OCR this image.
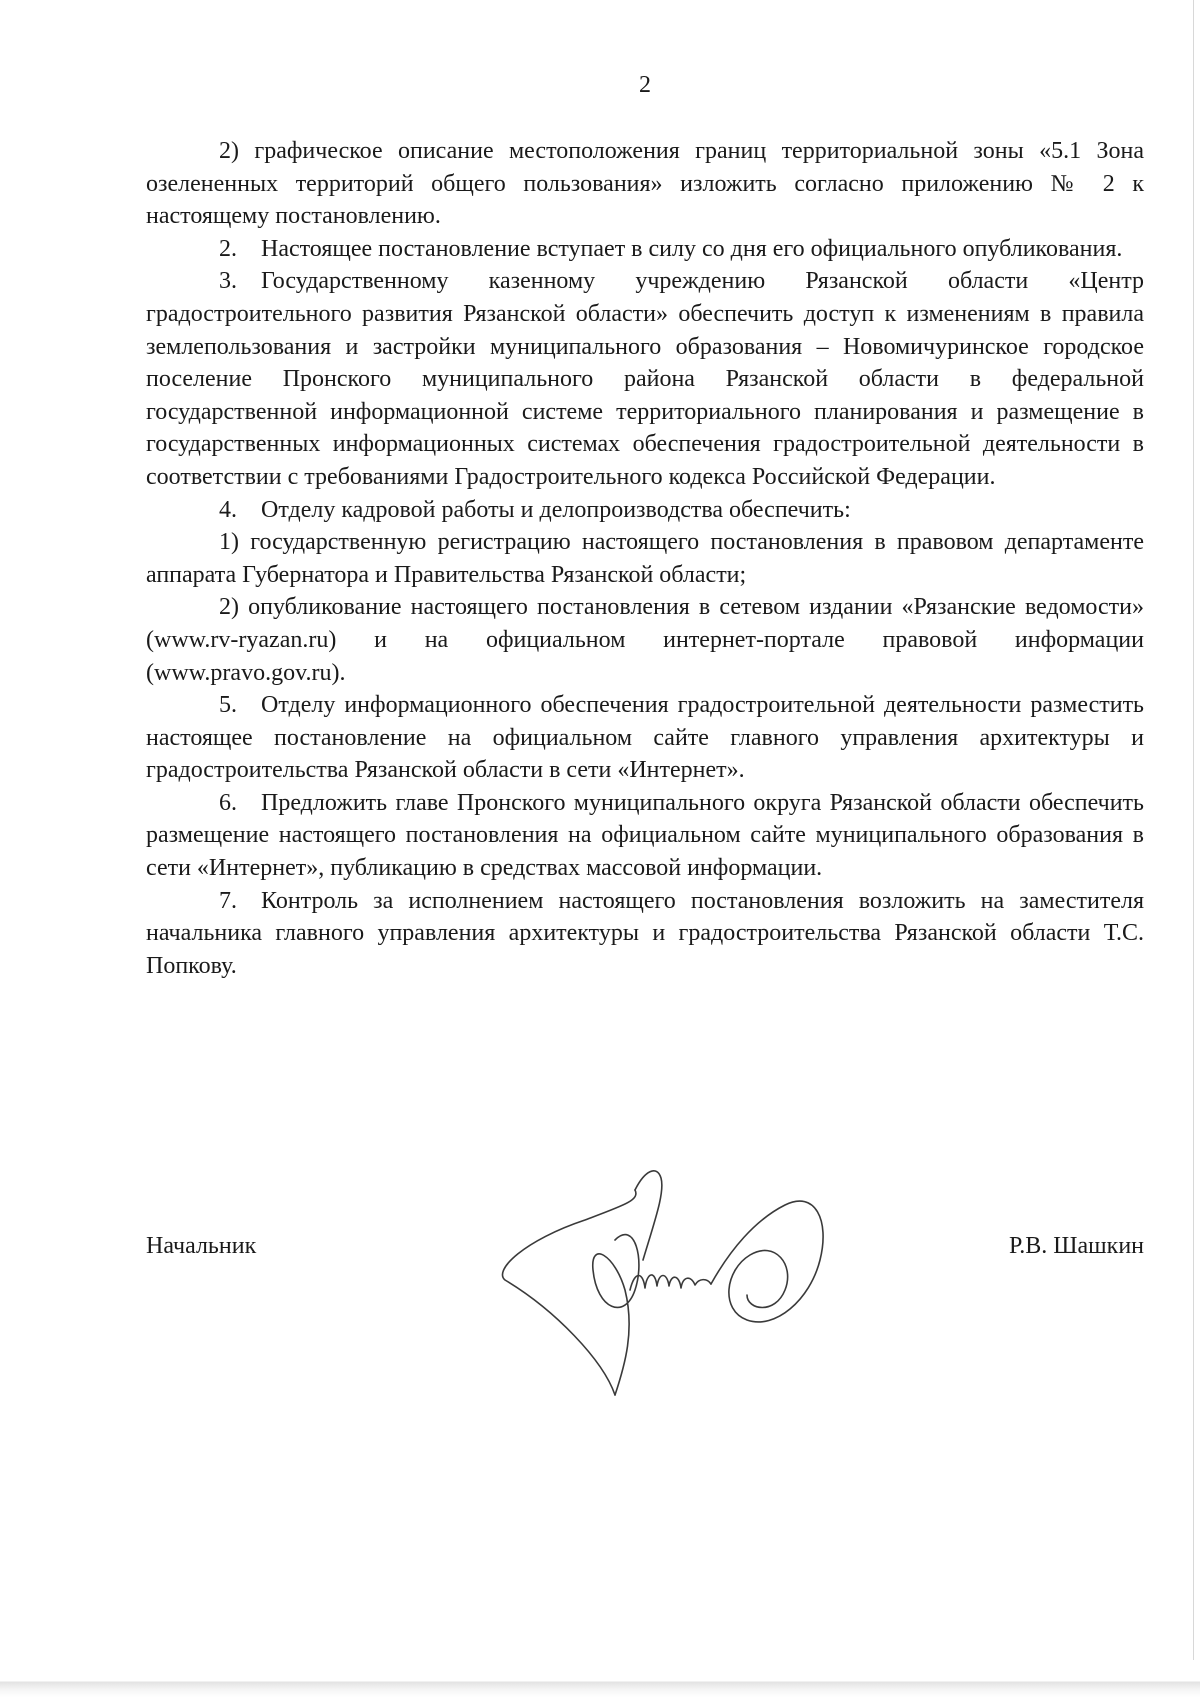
2

2) графическое описание местоположения границ территориальной зоны «5.1 Зона озелененных территорий общего пользования» изложить согласно приложению № 2 к настоящему постановлению.

2. Настоящее постановление вступает в силу со дня его официального опубликования.

3. Государственному казенному учреждению Рязанской области «Центр градостроительного развития Рязанской области» обеспечить доступ к изменениям в правила землепользования и застройки муниципального образования – Новомичуринское городское поселение Пронского муниципального района Рязанской области в федеральной государственной информационной системе территориального планирования и размещение в государственных информационных системах обеспечения градостроительной деятельности в соответствии с требованиями Градостроительного кодекса Российской Федерации.

4. Отделу кадровой работы и делопроизводства обеспечить:

1) государственную регистрацию настоящего постановления в правовом департаменте аппарата Губернатора и Правительства Рязанской области;

2) опубликование настоящего постановления в сетевом издании «Рязанские ведомости» (www.rv-ryazan.ru) и на официальном интернет-портале правовой информации (www.pravo.gov.ru).

5. Отделу информационного обеспечения градостроительной деятельности разместить настоящее постановление на официальном сайте главного управления архитектуры и градостроительства Рязанской области в сети «Интернет».

6. Предложить главе Пронского муниципального округа Рязанской области обеспечить размещение настоящего постановления на официальном сайте муниципального образования в сети «Интернет», публикацию в средствах массовой информации.

7. Контроль за исполнением настоящего постановления возложить на заместителя начальника главного управления архитектуры и градостроительства Рязанской области Т.С. Попкову.

Начальник	Р.В. Шашкин
